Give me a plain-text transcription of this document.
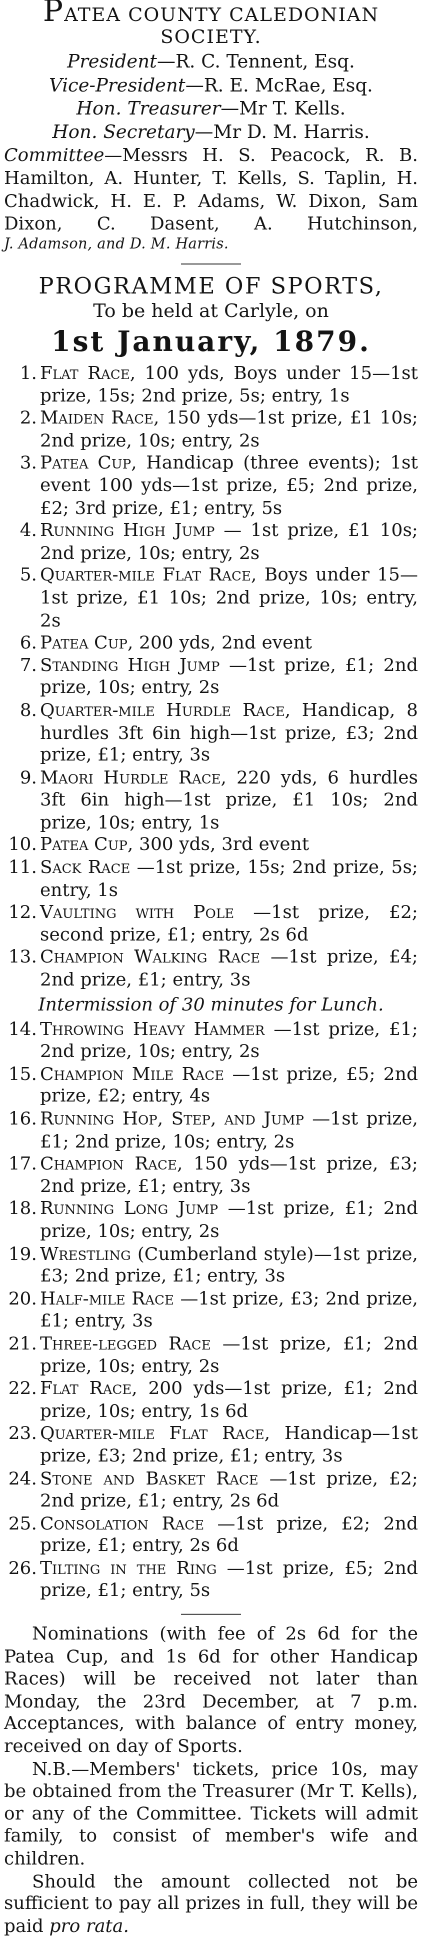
PATEA COUNTY CALEDONIAN SOCIETY.
President—R. C. Tennent, Esq.
Vice-President—R. E. McRae, Esq.
Hon. Treasurer—Mr T. Kells.
Hon. Secretary—Mr D. M. Harris.
Committee—Messrs H. S. Peacock, R. B. Hamilton, A. Hunter, T. Kells, S. Taplin, H. Chadwick, H. E. P. Adams, W. Dixon, Sam Dixon, C. Dasent, A. Hutchinson,
J. Adamson, and D. M. Harris.
PROGRAMME OF SPORTS,
To be held at Carlyle, on
1st January, 1879.
1. Flat Race, 100 yds, Boys under 15—1st prize, 15s; 2nd prize, 5s; entry, 1s
2. Maiden Race, 150 yds—1st prize, £1 10s; 2nd prize, 10s; entry, 2s
3. Patea Cup, Handicap (three events); 1st event 100 yds—1st prize, £5; 2nd prize, £2; 3rd prize, £1; entry, 5s
4. Running High Jump — 1st prize, £1 10s; 2nd prize, 10s; entry, 2s
5. Quarter-mile Flat Race, Boys under 15—1st prize, £1 10s; 2nd prize, 10s; entry, 2s
6. Patea Cup, 200 yds, 2nd event
7. Standing High Jump —1st prize, £1; 2nd prize, 10s; entry, 2s
8. Quarter-mile Hurdle Race, Handicap, 8 hurdles 3ft 6in high—1st prize, £3; 2nd prize, £1; entry, 3s
9. Maori Hurdle Race, 220 yds, 6 hurdles 3ft 6in high—1st prize, £1 10s; 2nd prize, 10s; entry, 1s
10. Patea Cup, 300 yds, 3rd event
11. Sack Race —1st prize, 15s; 2nd prize, 5s; entry, 1s
12. Vaulting with Pole —1st prize, £2; second prize, £1; entry, 2s 6d
13. Champion Walking Race —1st prize, £4; 2nd prize, £1; entry, 3s
Intermission of 30 minutes for Lunch.
14. Throwing Heavy Hammer —1st prize, £1; 2nd prize, 10s; entry, 2s
15. Champion Mile Race —1st prize, £5; 2nd prize, £2; entry, 4s
16. Running Hop, Step, and Jump —1st prize, £1; 2nd prize, 10s; entry, 2s
17. Champion Race, 150 yds—1st prize, £3; 2nd prize, £1; entry, 3s
18. Running Long Jump —1st prize, £1; 2nd prize, 10s; entry, 2s
19. Wrestling (Cumberland style)—1st prize, £3; 2nd prize, £1; entry, 3s
20. Half-mile Race —1st prize, £3; 2nd prize, £1; entry, 3s
21. Three-legged Race —1st prize, £1; 2nd prize, 10s; entry, 2s
22. Flat Race, 200 yds—1st prize, £1; 2nd prize, 10s; entry, 1s 6d
23. Quarter-mile Flat Race, Handicap—1st prize, £3; 2nd prize, £1; entry, 3s
24. Stone and Basket Race —1st prize, £2; 2nd prize, £1; entry, 2s 6d
25. Consolation Race —1st prize, £2; 2nd prize, £1; entry, 2s 6d
26. Tilting in the Ring —1st prize, £5; 2nd prize, £1; entry, 5s

Nominations (with fee of 2s 6d for the Patea Cup, and 1s 6d for other Handicap Races) will be received not later than Monday, the 23rd December, at 7 p.m. Acceptances, with balance of entry money, received on day of Sports.

N.B.—Members' tickets, price 10s, may be obtained from the Treasurer (Mr T. Kells), or any of the Committee. Tickets will admit family, to consist of member's wife and children.

Should the amount collected not be sufficient to pay all prizes in full, they will be paid pro rata.
